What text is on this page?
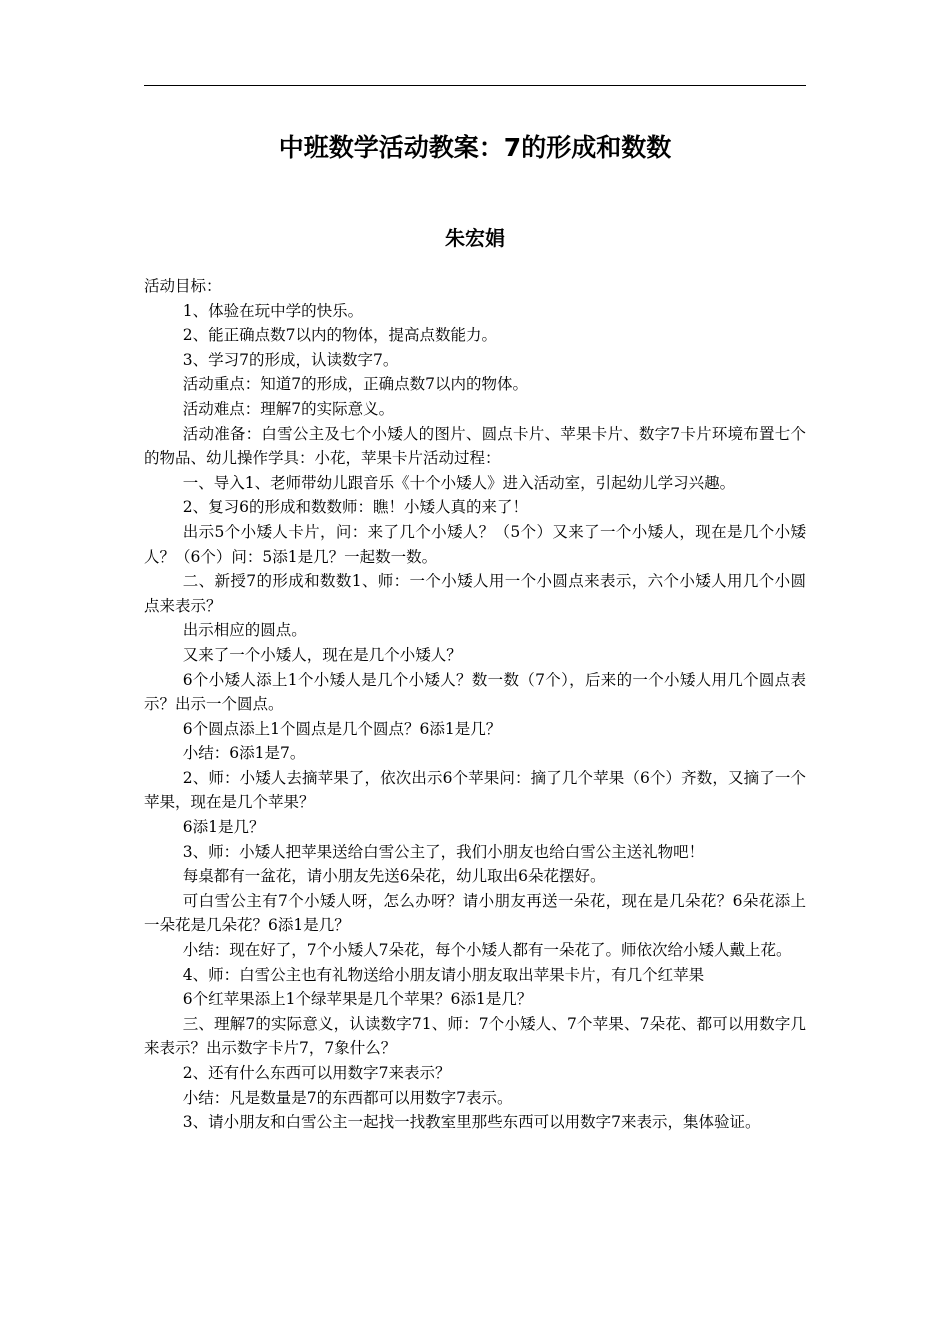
中班数学活动教案：7的形成和数数
朱宏娟

活动目标：

1、体验在玩中学的快乐。

2、能正确点数7以内的物体，提高点数能力。

3、学习7的形成，认读数字7。

活动重点：知道7的形成，正确点数7以内的物体。

活动难点：理解7的实际意义。

活动准备：白雪公主及七个小矮人的图片、圆点卡片、苹果卡片、数字7卡片环境布置七个的物品、幼儿操作学具：小花，苹果卡片活动过程：

一、导入1、老师带幼儿跟音乐《十个小矮人》进入活动室，引起幼儿学习兴趣。

2、复习6的形成和数数师：瞧！小矮人真的来了！

出示5个小矮人卡片，问：来了几个小矮人？（5个）又来了一个小矮人，现在是几个小矮人？（6个）问：5添1是几？一起数一数。

二、新授7的形成和数数1、师：一个小矮人用一个小圆点来表示，六个小矮人用几个小圆点来表示？

出示相应的圆点。

又来了一个小矮人，现在是几个小矮人？

6个小矮人添上1个小矮人是几个小矮人？数一数（7个），后来的一个小矮人用几个圆点表示？出示一个圆点。

6个圆点添上1个圆点是几个圆点？6添1是几？

小结：6添1是7。

2、师：小矮人去摘苹果了，依次出示6个苹果问：摘了几个苹果（6个）齐数，又摘了一个苹果，现在是几个苹果？

6添1是几？

3、师：小矮人把苹果送给白雪公主了，我们小朋友也给白雪公主送礼物吧！

每桌都有一盆花，请小朋友先送6朵花，幼儿取出6朵花摆好。

可白雪公主有7个小矮人呀，怎么办呀？请小朋友再送一朵花，现在是几朵花？6朵花添上一朵花是几朵花？6添1是几？

小结：现在好了，7个小矮人7朵花，每个小矮人都有一朵花了。师依次给小矮人戴上花。

4、师：白雪公主也有礼物送给小朋友请小朋友取出苹果卡片，有几个红苹果

6个红苹果添上1个绿苹果是几个苹果？6添1是几？

三、理解7的实际意义，认读数字71、师：7个小矮人、7个苹果、7朵花、都可以用数字几来表示？出示数字卡片7，7象什么？

2、还有什么东西可以用数字7来表示？

小结：凡是数量是7的东西都可以用数字7表示。

3、请小朋友和白雪公主一起找一找教室里那些东西可以用数字7来表示，集体验证。
